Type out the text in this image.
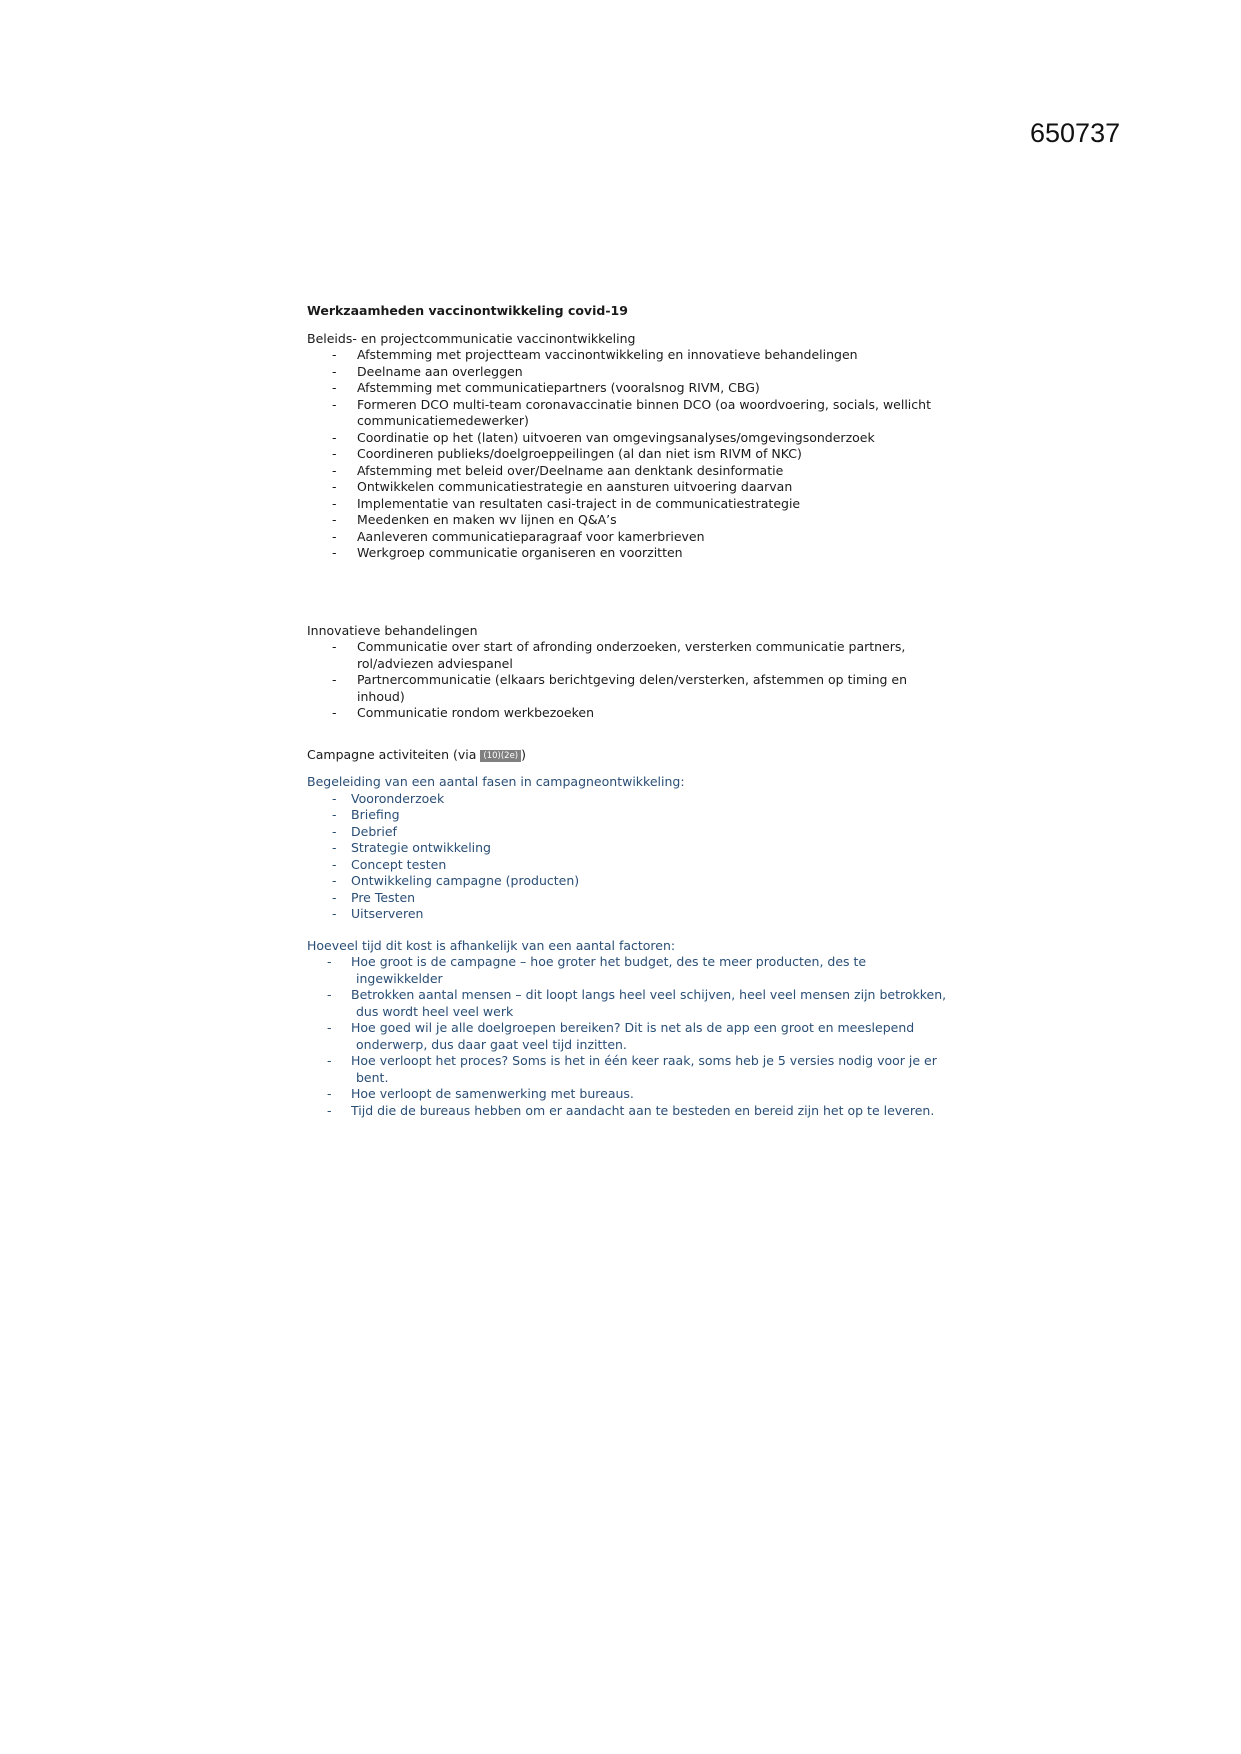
650737

Werkzaamheden vaccinontwikkeling covid-19

Beleids- en projectcommunicatie vaccinontwikkeling

- Afstemming met projectteam vaccinontwikkeling en innovatieve behandelingen
- Deelname aan overleggen
- Afstemming met communicatiepartners (vooralsnog RIVM, CBG)
- Formeren DCO multi-team coronavaccinatie binnen DCO (oa woordvoering, socials, wellicht communicatiemedewerker)
- Coordinatie op het (laten) uitvoeren van omgevingsanalyses/omgevingsonderzoek
- Coordineren publieks/doelgroeppeilingen (al dan niet ism RIVM of NKC)
- Afstemming met beleid over/Deelname aan denktank desinformatie
- Ontwikkelen communicatiestrategie en aansturen uitvoering daarvan
- Implementatie van resultaten casi-traject in de communicatiestrategie
- Meedenken en maken wv lijnen en Q&A’s
- Aanleveren communicatieparagraaf voor kamerbrieven
- Werkgroep communicatie organiseren en voorzitten

Innovatieve behandelingen

- Communicatie over start of afronding onderzoeken, versterken communicatie partners, rol/adviezen adviespanel
- Partnercommunicatie (elkaars berichtgeving delen/versterken, afstemmen op timing en inhoud)
- Communicatie rondom werkbezoeken

Campagne activiteiten (via (10)(2e) )

Begeleiding van een aantal fasen in campagneontwikkeling:

- Vooronderzoek
- Briefing
- Debrief
- Strategie ontwikkeling
- Concept testen
- Ontwikkeling campagne (producten)
- Pre Testen
- Uitserveren

Hoeveel tijd dit kost is afhankelijk van een aantal factoren:

- Hoe groot is de campagne – hoe groter het budget, des te meer producten, des te ingewikkelder
- Betrokken aantal mensen – dit loopt langs heel veel schijven, heel veel mensen zijn betrokken, dus wordt heel veel werk
- Hoe goed wil je alle doelgroepen bereiken? Dit is net als de app een groot en meeslepend onderwerp, dus daar gaat veel tijd inzitten.
- Hoe verloopt het proces? Soms is het in één keer raak, soms heb je 5 versies nodig voor je er bent.
- Hoe verloopt de samenwerking met bureaus.
- Tijd die de bureaus hebben om er aandacht aan te besteden en bereid zijn het op te leveren.
